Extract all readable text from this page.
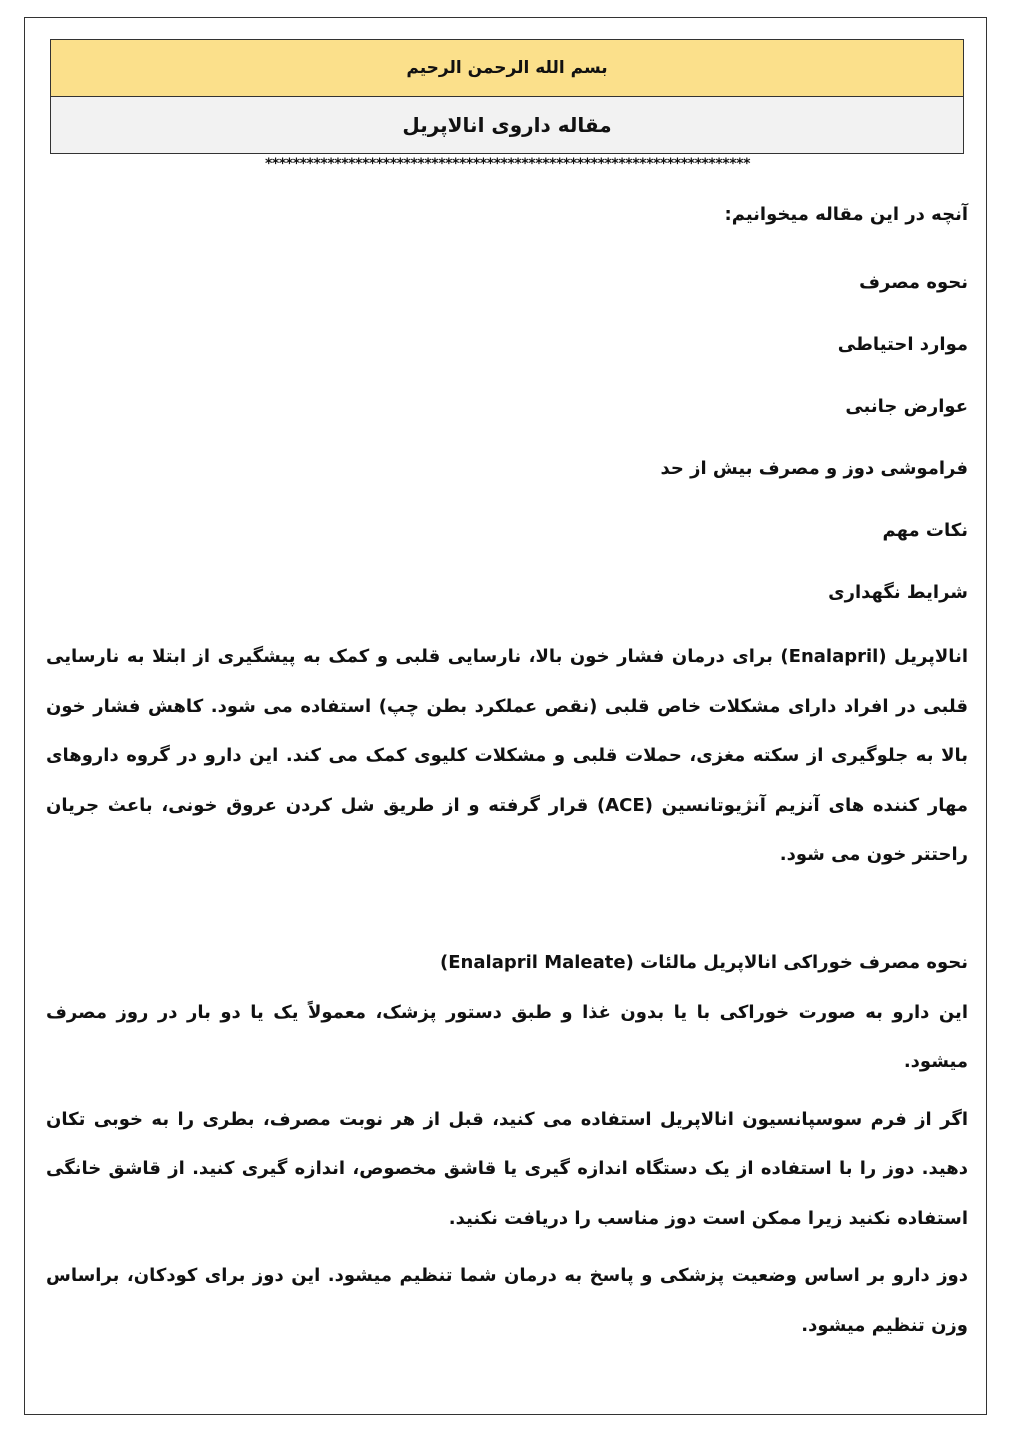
بسم الله الرحمن الرحیم
مقاله داروی انالاپریل
**********************************************************************
آنچه در این مقاله میخوانیم:
نحوه مصرف
موارد احتیاطی
عوارض جانبی
فراموشی دوز و مصرف بیش از حد
نکات مهم
شرایط نگهداری

انالاپریل (Enalapril) برای درمان فشار خون بالا، نارسایی قلبی و کمک به پیشگیری از ابتلا به نارسایی قلبی در افراد دارای مشکلات خاص قلبی (نقص عملکرد بطن چپ) استفاده می شود. کاهش فشار خون بالا به جلوگیری از سکته مغزی، حملات قلبی و مشکلات کلیوی کمک می کند. این دارو در گروه داروهای مهار کننده های آنزیم آنژیوتانسین (ACE) قرار گرفته و از طریق شل کردن عروق خونی، باعث جریان راحتتر خون می شود.

نحوه مصرف خوراکی انالاپریل مالئات (Enalapril Maleate)

این دارو به صورت خوراکی با یا بدون غذا و طبق دستور پزشک، معمولاً یک یا دو بار در روز مصرف میشود.

اگر از فرم سوسپانسیون انالاپریل استفاده می کنید، قبل از هر نوبت مصرف، بطری را به خوبی تکان دهید. دوز را با استفاده از یک دستگاه اندازه گیری یا قاشق مخصوص، اندازه گیری کنید. از قاشق خانگی استفاده نکنید زیرا ممکن است دوز مناسب را دریافت نکنید.

دوز دارو بر اساس وضعیت پزشکی و پاسخ به درمان شما تنظیم میشود. این دوز برای کودکان، براساس وزن تنظیم میشود.
